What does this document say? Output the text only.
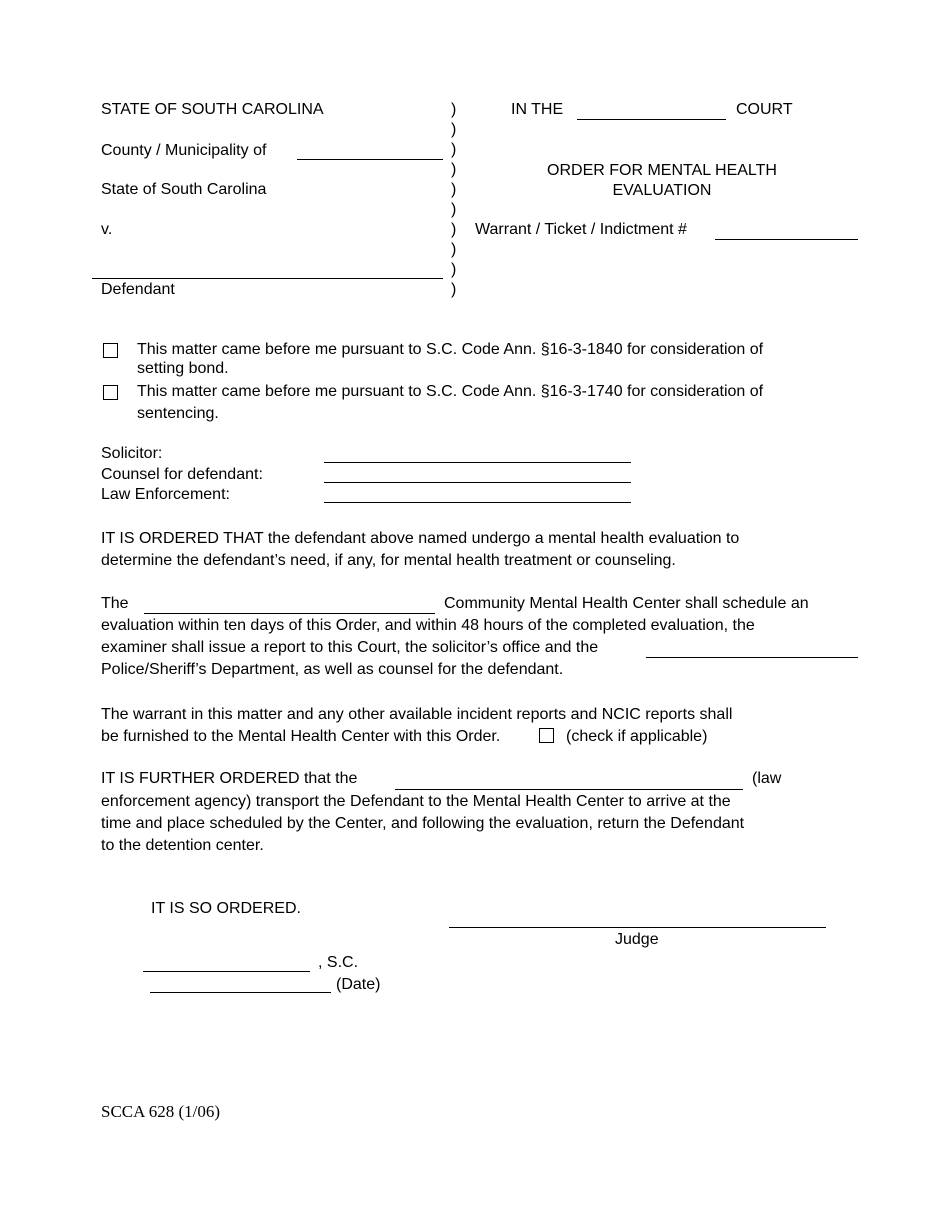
STATE OF SOUTH CAROLINA
County / Municipality of
State of South Carolina
v.
Defendant
)
)
)
)
)
)
)
)
)
)
IN THE	COURT
ORDER FOR MENTAL HEALTH
EVALUATION
Warrant / Ticket / Indictment #
This matter came before me pursuant to S.C. Code Ann. §16-3-1840 for consideration of
setting bond.
This matter came before me pursuant to S.C. Code Ann. §16-3-1740 for consideration of
sentencing.
Solicitor:
Counsel for defendant:
Law Enforcement:
IT IS ORDERED THAT the defendant above named undergo a mental health evaluation to
determine the defendant’s need, if any, for mental health treatment or counseling.
The	Community Mental Health Center shall schedule an
evaluation within ten days of this Order, and within 48 hours of the completed evaluation, the
examiner shall issue a report to this Court, the solicitor’s office and the
Police/Sheriff’s Department, as well as counsel for the defendant.
The warrant in this matter and any other available incident reports and NCIC reports shall
be furnished to the Mental Health Center with this Order.	(check if applicable)
IT IS FURTHER ORDERED that the	(law
enforcement agency) transport the Defendant to the Mental Health Center to arrive at the
time and place scheduled by the Center, and following the evaluation, return the Defendant
to the detention center.
IT IS SO ORDERED.
Judge
, S.C.
(Date)
SCCA 628 (1/06)
